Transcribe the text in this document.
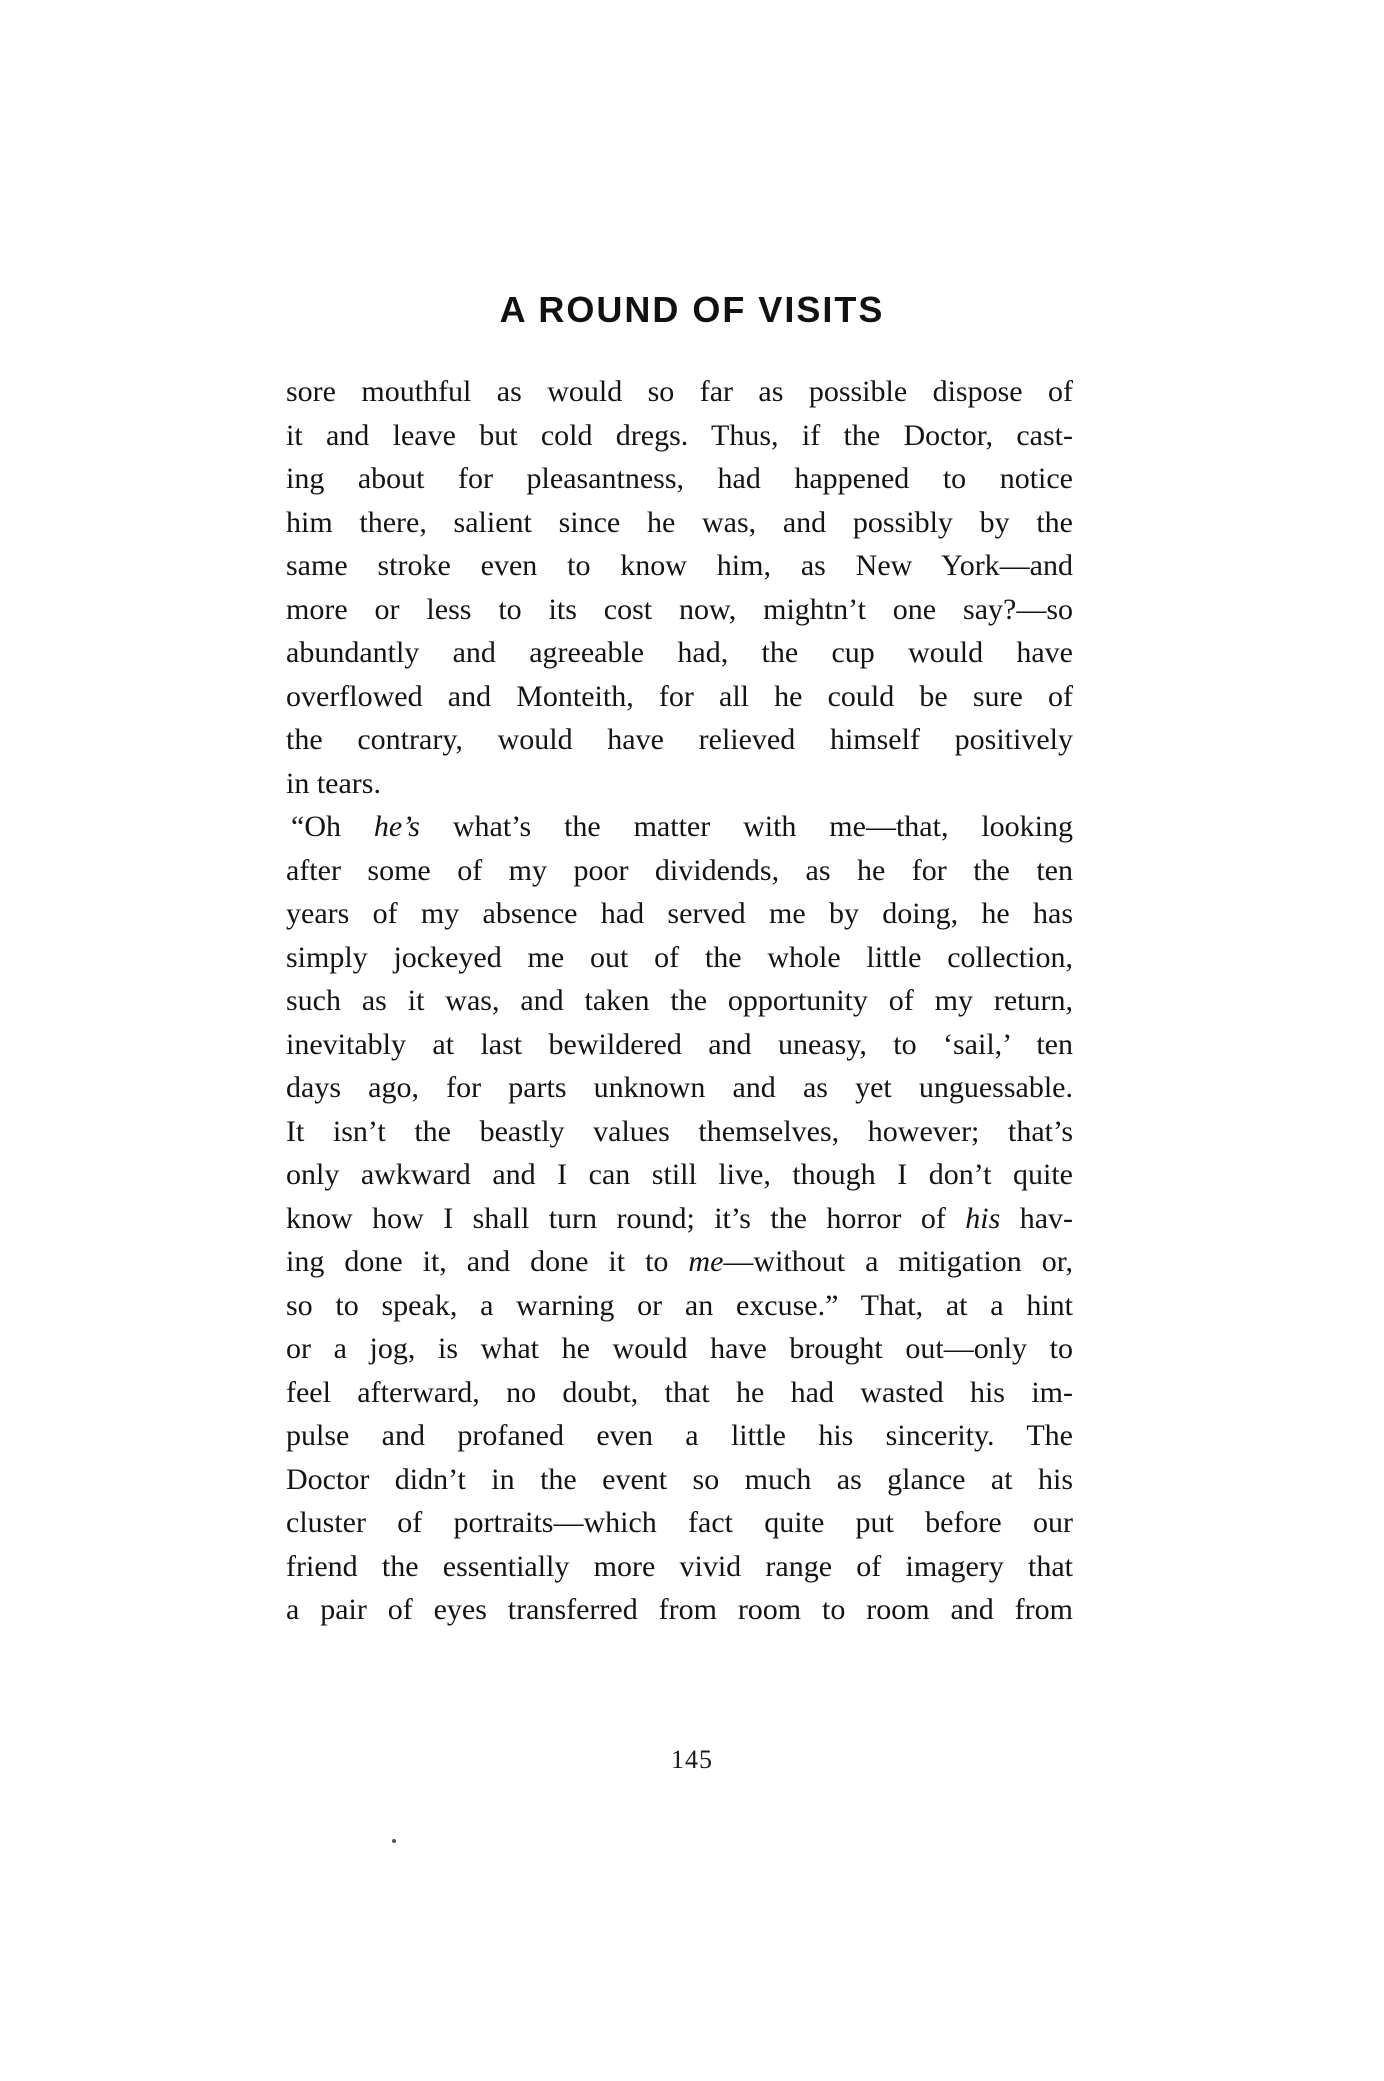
A ROUND OF VISITS
sore mouthful as would so far as possible dispose of
it and leave but cold dregs. Thus, if the Doctor, cast-
ing about for pleasantness, had happened to notice
him there, salient since he was, and possibly by the
same stroke even to know him, as New York—and
more or less to its cost now, mightn’t one say?—so
abundantly and agreeable had, the cup would have
overflowed and Monteith, for all he could be sure of
the contrary, would have relieved himself positively
in tears.
“Oh he’s what’s the matter with me—that, looking
after some of my poor dividends, as he for the ten
years of my absence had served me by doing, he has
simply jockeyed me out of the whole little collection,
such as it was, and taken the opportunity of my return,
inevitably at last bewildered and uneasy, to ‘sail,’ ten
days ago, for parts unknown and as yet unguessable.
It isn’t the beastly values themselves, however; that’s
only awkward and I can still live, though I don’t quite
know how I shall turn round; it’s the horror of his hav-
ing done it, and done it to me—without a mitigation or,
so to speak, a warning or an excuse.” That, at a hint
or a jog, is what he would have brought out—only to
feel afterward, no doubt, that he had wasted his im-
pulse and profaned even a little his sincerity. The
Doctor didn’t in the event so much as glance at his
cluster of portraits—which fact quite put before our
friend the essentially more vivid range of imagery that
a pair of eyes transferred from room to room and from
145
